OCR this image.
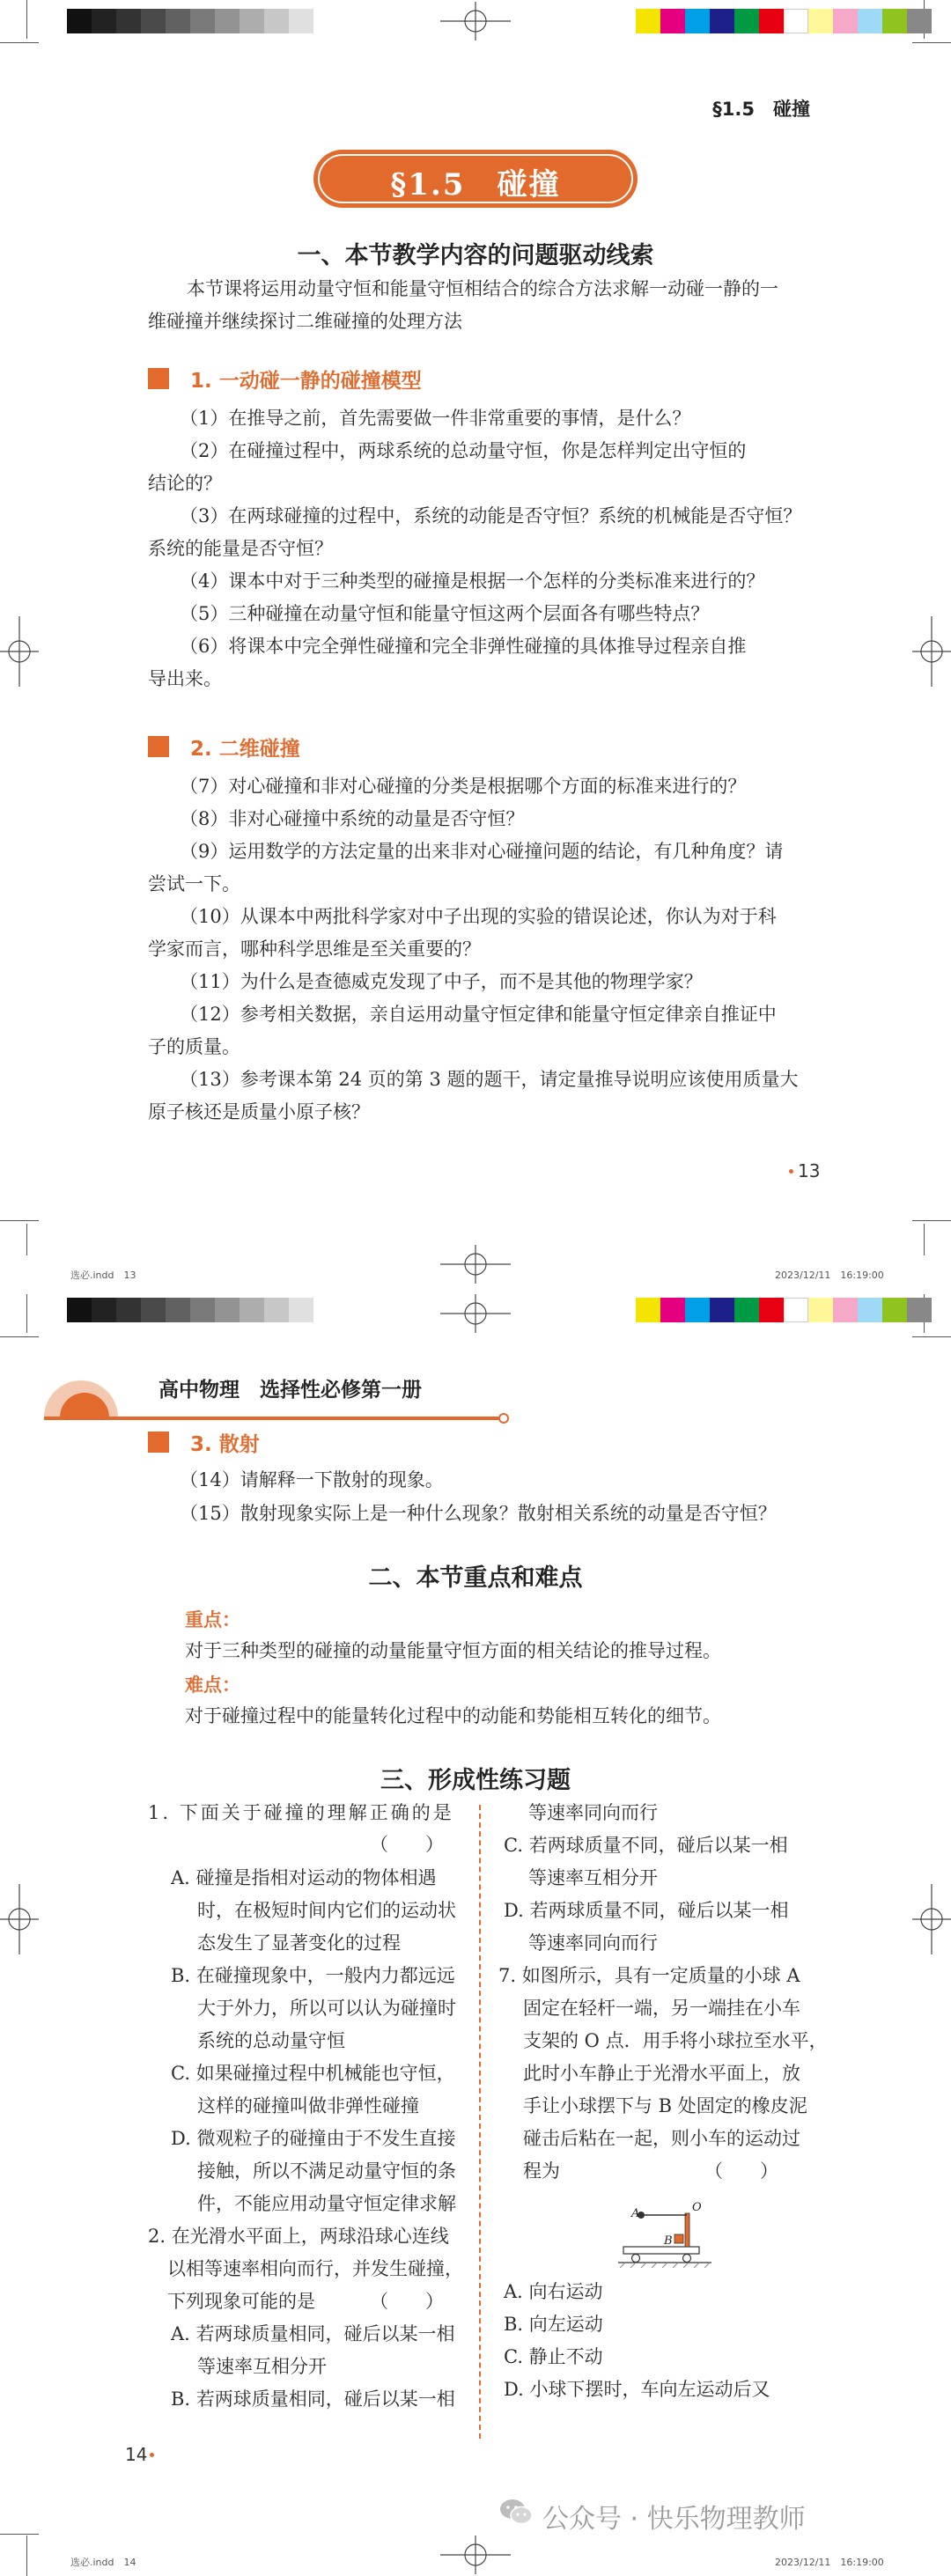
§1.5　碰撞
§1.5　碰撞
一、本节教学内容的问题驱动线索
本节课将运用动量守恒和能量守恒相结合的综合方法求解一动碰一静的一
维碰撞并继续探讨二维碰撞的处理方法
1. 一动碰一静的碰撞模型
（1）在推导之前，首先需要做一件非常重要的事情，是什么？
（2）在碰撞过程中，两球系统的总动量守恒，你是怎样判定出守恒的
结论的？
（3）在两球碰撞的过程中，系统的动能是否守恒？系统的机械能是否守恒？
系统的能量是否守恒？
（4）课本中对于三种类型的碰撞是根据一个怎样的分类标准来进行的？
（5）三种碰撞在动量守恒和能量守恒这两个层面各有哪些特点？
（6）将课本中完全弹性碰撞和完全非弹性碰撞的具体推导过程亲自推
导出来。
2. 二维碰撞
（7）对心碰撞和非对心碰撞的分类是根据哪个方面的标准来进行的？
（8）非对心碰撞中系统的动量是否守恒？
（9）运用数学的方法定量的出来非对心碰撞问题的结论，有几种角度？请
尝试一下。
（10）从课本中两批科学家对中子出现的实验的错误论述，你认为对于科
学家而言，哪种科学思维是至关重要的？
（11）为什么是查德威克发现了中子，而不是其他的物理学家？
（12）参考相关数据，亲自运用动量守恒定律和能量守恒定律亲自推证中
子的质量。
（13）参考课本第 24 页的第 3 题的题干，请定量推导说明应该使用质量大
原子核还是质量小原子核？
13
选必.indd　13	2023/12/11　16:19:00
高中物理　选择性必修第一册
3. 散射
（14）请解释一下散射的现象。
（15）散射现象实际上是一种什么现象？散射相关系统的动量是否守恒？
二、本节重点和难点
重点：
对于三种类型的碰撞的动量能量守恒方面的相关结论的推导过程。
难点：
对于碰撞过程中的能量转化过程中的动能和势能相互转化的细节。
三、形成性练习题
1. 下面关于碰撞的理解正确的是
（　　）
A. 碰撞是指相对运动的物体相遇
时，在极短时间内它们的运动状
态发生了显著变化的过程
B. 在碰撞现象中，一般内力都远远
大于外力，所以可以认为碰撞时
系统的总动量守恒
C. 如果碰撞过程中机械能也守恒，
这样的碰撞叫做非弹性碰撞
D. 微观粒子的碰撞由于不发生直接
接触，所以不满足动量守恒的条
件，不能应用动量守恒定律求解
2. 在光滑水平面上，两球沿球心连线
以相等速率相向而行，并发生碰撞，
下列现象可能的是	（　　）
A. 若两球质量相同，碰后以某一相
等速率互相分开
B. 若两球质量相同，碰后以某一相
等速率同向而行
C. 若两球质量不同，碰后以某一相
等速率互相分开
D. 若两球质量不同，碰后以某一相
等速率同向而行
7. 如图所示，具有一定质量的小球 A
固定在轻杆一端，另一端挂在小车
支架的 O 点．用手将小球拉至水平，
此时小车静止于光滑水平面上，放
手让小球摆下与 B 处固定的橡皮泥
碰击后粘在一起，则小车的运动过
程为	（　　）
A	O
B
A. 向右运动
B. 向左运动
C. 静止不动
D. 小球下摆时，车向左运动后又
14
选必.indd　14	2023/12/11　16:19:00
公众号 · 快乐物理教师
